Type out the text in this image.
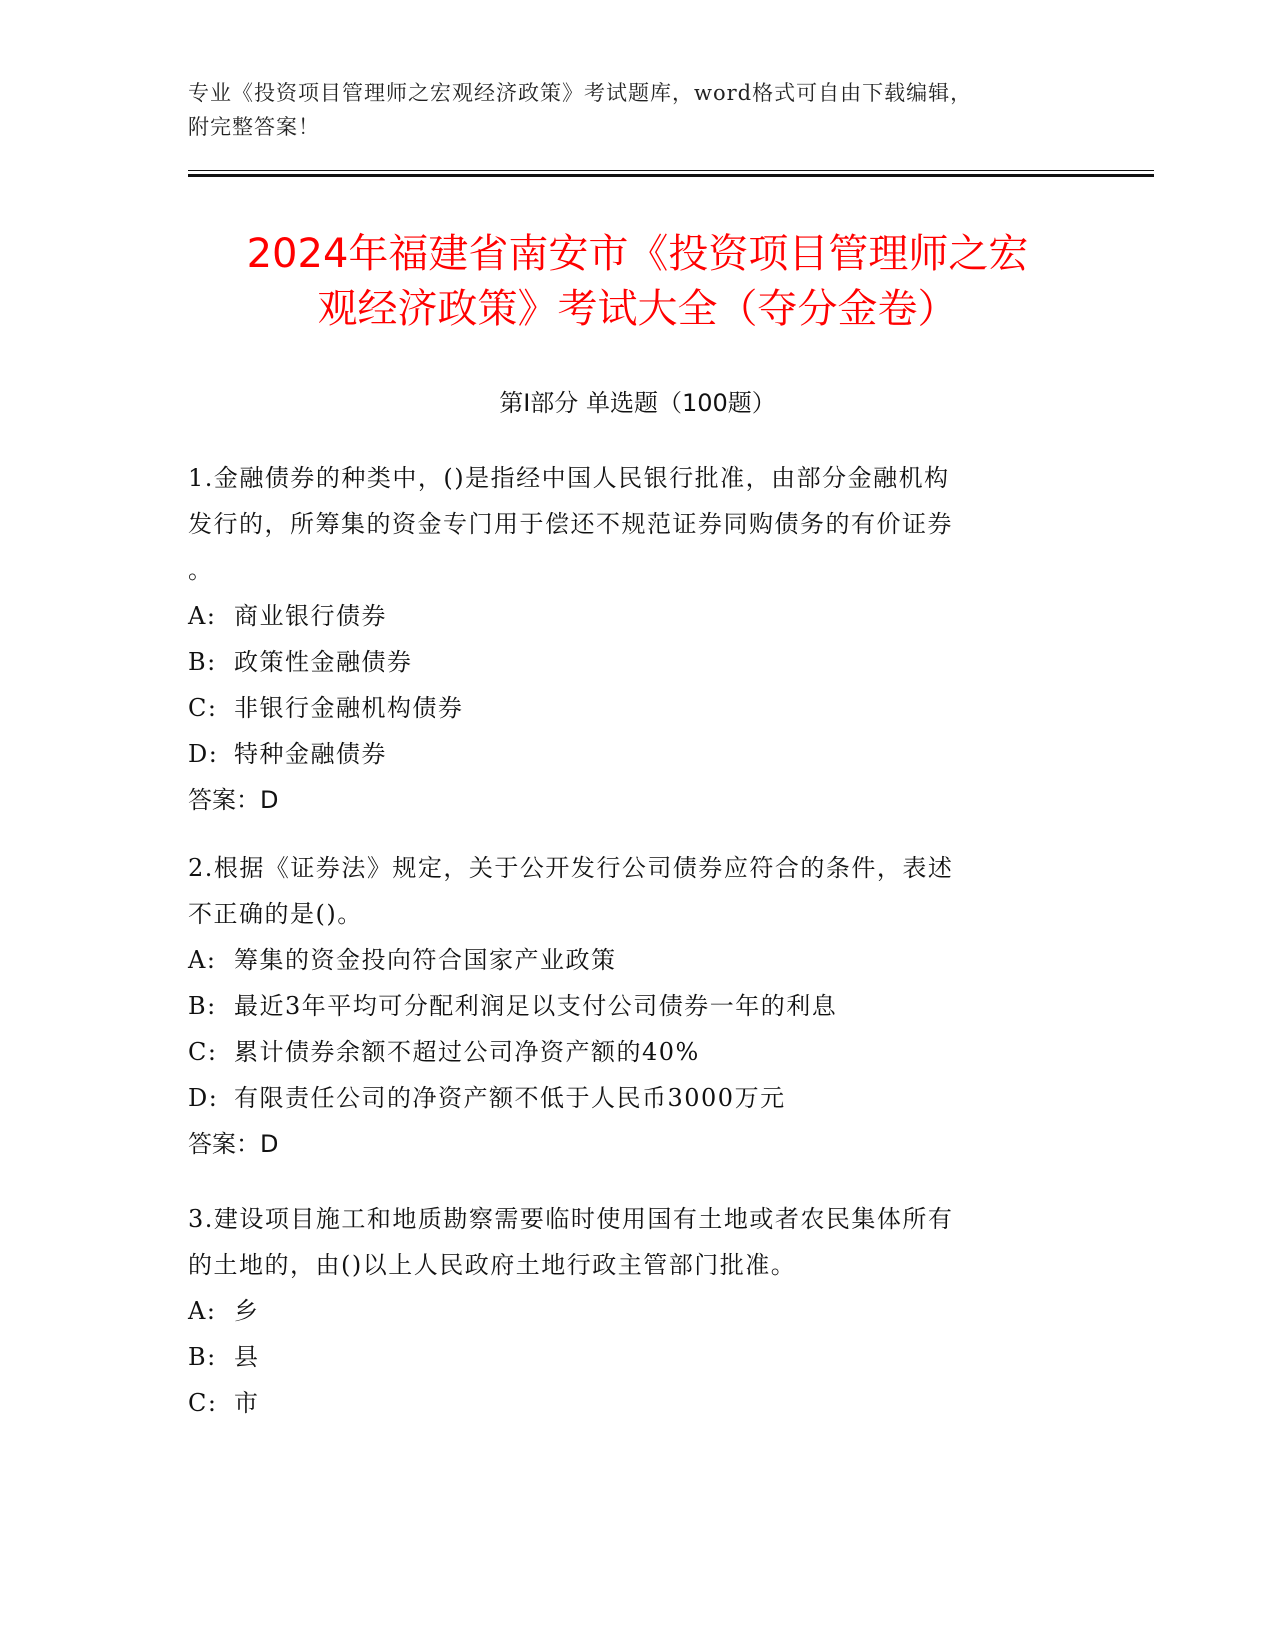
专业《投资项目管理师之宏观经济政策》考试题库，word格式可自由下载编辑，
附完整答案！
2024年福建省南安市《投资项目管理师之宏
观经济政策》考试大全（夺分金卷）
第I部分 单选题（100题）

1.金融债券的种类中，()是指经中国人民银行批准，由部分金融机构

发行的，所筹集的资金专门用于偿还不规范证券同购债务的有价证券

。

A: 商业银行债券

B: 政策性金融债券

C: 非银行金融机构债券

D: 特种金融债券

答案：D

2.根据《证券法》规定，关于公开发行公司债券应符合的条件，表述

不正确的是()。

A: 筹集的资金投向符合国家产业政策

B: 最近3年平均可分配利润足以支付公司债券一年的利息

C: 累计债券余额不超过公司净资产额的40%

D: 有限责任公司的净资产额不低于人民币3000万元

答案：D

3.建设项目施工和地质勘察需要临时使用国有土地或者农民集体所有

的土地的，由()以上人民政府土地行政主管部门批准。

A: 乡

B: 县

C: 市
